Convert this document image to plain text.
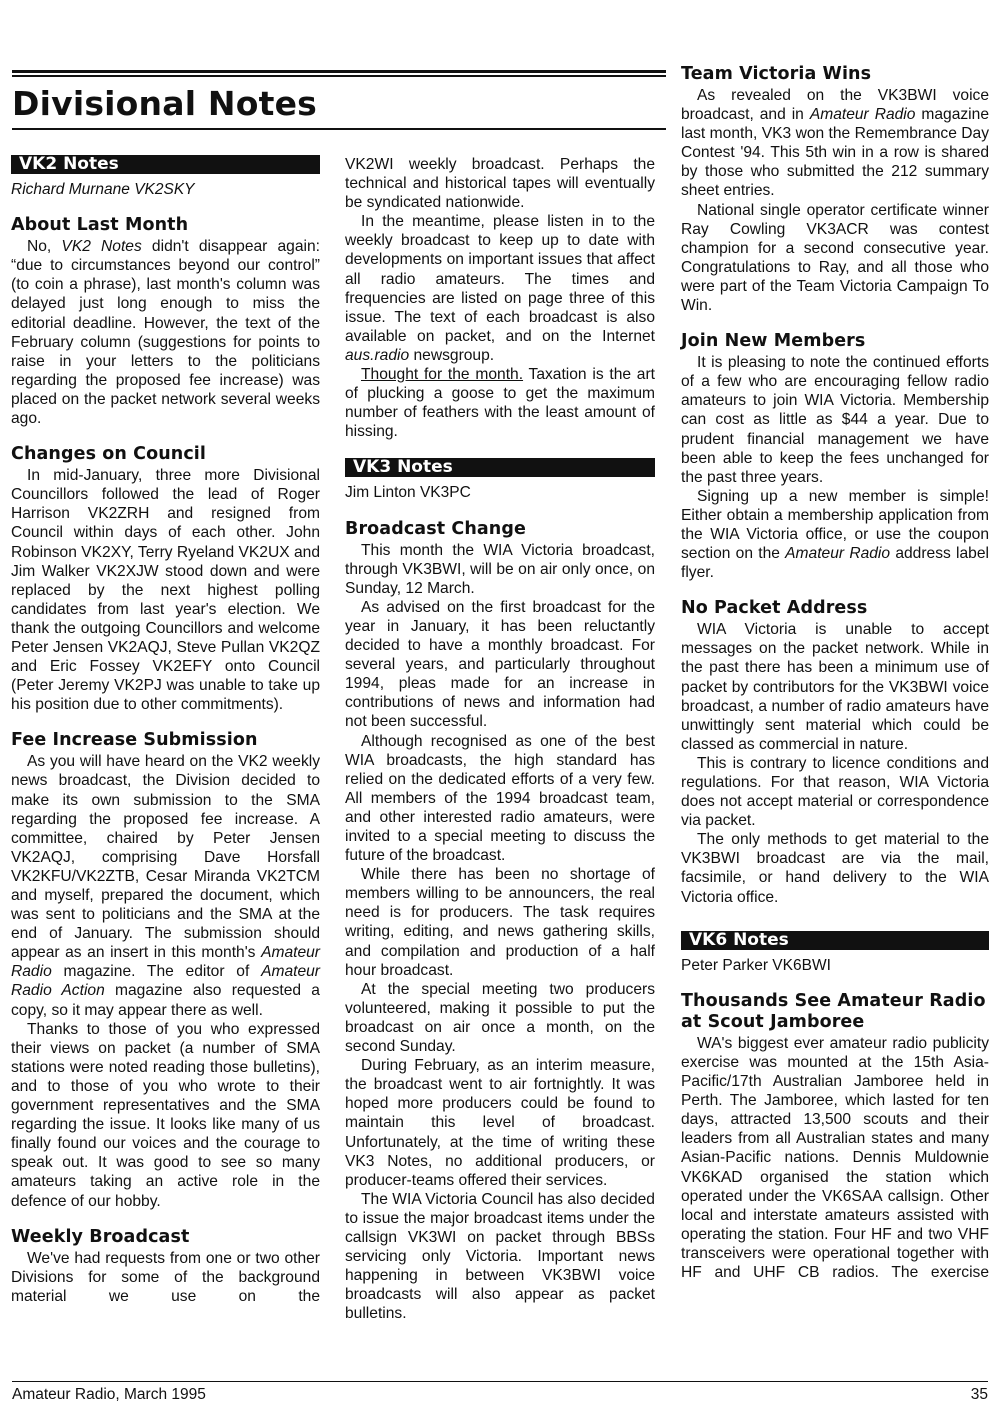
Divisional Notes
VK2 Notes
Richard Murnane VK2SKY
About Last Month

No, VK2 Notes didn't disappear again: “due to circumstances beyond our control” (to coin a phrase), last month's column was delayed just long enough to miss the editorial deadline. However, the text of the February column (suggestions for points to raise in your letters to the politicians regarding the proposed fee increase) was placed on the packet network several weeks ago.

Changes on Council

In mid-January, three more Divisional Councillors followed the lead of Roger Harrison VK2ZRH and resigned from Council within days of each other. John Robinson VK2XY, Terry Ryeland VK2UX and Jim Walker VK2XJW stood down and were replaced by the next highest polling candidates from last year's election. We thank the outgoing Councillors and welcome Peter Jensen VK2AQJ, Steve Pullan VK2QZ and Eric Fossey VK2EFY onto Council (Peter Jeremy VK2PJ was unable to take up his position due to other commitments).

Fee Increase Submission

As you will have heard on the VK2 weekly news broadcast, the Division decided to make its own submission to the SMA regarding the proposed fee increase. A committee, chaired by Peter Jensen VK2AQJ, comprising Dave Horsfall VK2KFU/VK2ZTB, Cesar Miranda VK2TCM and myself, prepared the document, which was sent to politicians and the SMA at the end of January. The submission should appear as an insert in this month's Amateur Radio magazine. The editor of Amateur Radio Action magazine also requested a copy, so it may appear there as well.

Thanks to those of you who expressed their views on packet (a number of SMA stations were noted reading those bulletins), and to those of you who wrote to their government representatives and the SMA regarding the issue. It looks like many of us finally found our voices and the courage to speak out. It was good to see so many amateurs taking an active role in the defence of our hobby.

Weekly Broadcast

We've had requests from one or two other Divisions for some of the background material we use on the

VK2WI weekly broadcast. Perhaps the technical and historical tapes will eventually be syndicated nationwide.

In the meantime, please listen in to the weekly broadcast to keep up to date with developments on important issues that affect all radio amateurs. The times and frequencies are listed on page three of this issue. The text of each broadcast is also available on packet, and on the Internet aus.radio newsgroup.

Thought for the month. Taxation is the art of plucking a goose to get the maximum number of feathers with the least amount of hissing.

VK3 Notes
Jim Linton VK3PC
Broadcast Change

This month the WIA Victoria broadcast, through VK3BWI, will be on air only once, on Sunday, 12 March.

As advised on the first broadcast for the year in January, it has been reluctantly decided to have a monthly broadcast. For several years, and particularly throughout 1994, pleas made for an increase in contributions of news and information had not been successful.

Although recognised as one of the best WIA broadcasts, the high standard has relied on the dedicated efforts of a very few. All members of the 1994 broadcast team, and other interested radio amateurs, were invited to a special meeting to discuss the future of the broadcast.

While there has been no shortage of members willing to be announcers, the real need is for producers. The task requires writing, editing, and news gathering skills, and compilation and production of a half hour broadcast.

At the special meeting two producers volunteered, making it possible to put the broadcast on air once a month, on the second Sunday.

During February, as an interim measure, the broadcast went to air fortnightly. It was hoped more producers could be found to maintain this level of broadcast. Unfortunately, at the time of writing these VK3 Notes, no additional producers, or producer-teams offered their services.

The WIA Victoria Council has also decided to issue the major broadcast items under the callsign VK3WI on packet through BBSs servicing only Victoria. Important news happening in between VK3BWI voice broadcasts will also appear as packet bulletins.

Team Victoria Wins

As revealed on the VK3BWI voice broadcast, and in Amateur Radio magazine last month, VK3 won the Remembrance Day Contest '94. This 5th win in a row is shared by those who submitted the 212 summary sheet entries.

National single operator certificate winner Ray Cowling VK3ACR was contest champion for a second consecutive year. Congratulations to Ray, and all those who were part of the Team Victoria Campaign To Win.

Join New Members

It is pleasing to note the continued efforts of a few who are encouraging fellow radio amateurs to join WIA Victoria. Membership can cost as little as $44 a year. Due to prudent financial management we have been able to keep the fees unchanged for the past three years.

Signing up a new member is simple! Either obtain a membership application from the WIA Victoria office, or use the coupon section on the Amateur Radio address label flyer.

No Packet Address

WIA Victoria is unable to accept messages on the packet network. While in the past there has been a minimum use of packet by contributors for the VK3BWI voice broadcast, a number of radio amateurs have unwittingly sent material which could be classed as commercial in nature.

This is contrary to licence conditions and regulations. For that reason, WIA Victoria does not accept material or correspondence via packet.

The only methods to get material to the VK3BWI broadcast are via the mail, facsimile, or hand delivery to the WIA Victoria office.

VK6 Notes
Peter Parker VK6BWI
Thousands See Amateur Radio at Scout Jamboree

WA's biggest ever amateur radio publicity exercise was mounted at the 15th Asia-Pacific/17th Australian Jamboree held in Perth. The Jamboree, which lasted for ten days, attracted 13,500 scouts and their leaders from all Australian states and many Asian-Pacific nations. Dennis Muldownie VK6KAD organised the station which operated under the VK6SAA callsign. Other local and interstate amateurs assisted with operating the station. Four HF and two VHF transceivers were operational together with HF and UHF CB radios. The exercise

Amateur Radio, March 1995	35
